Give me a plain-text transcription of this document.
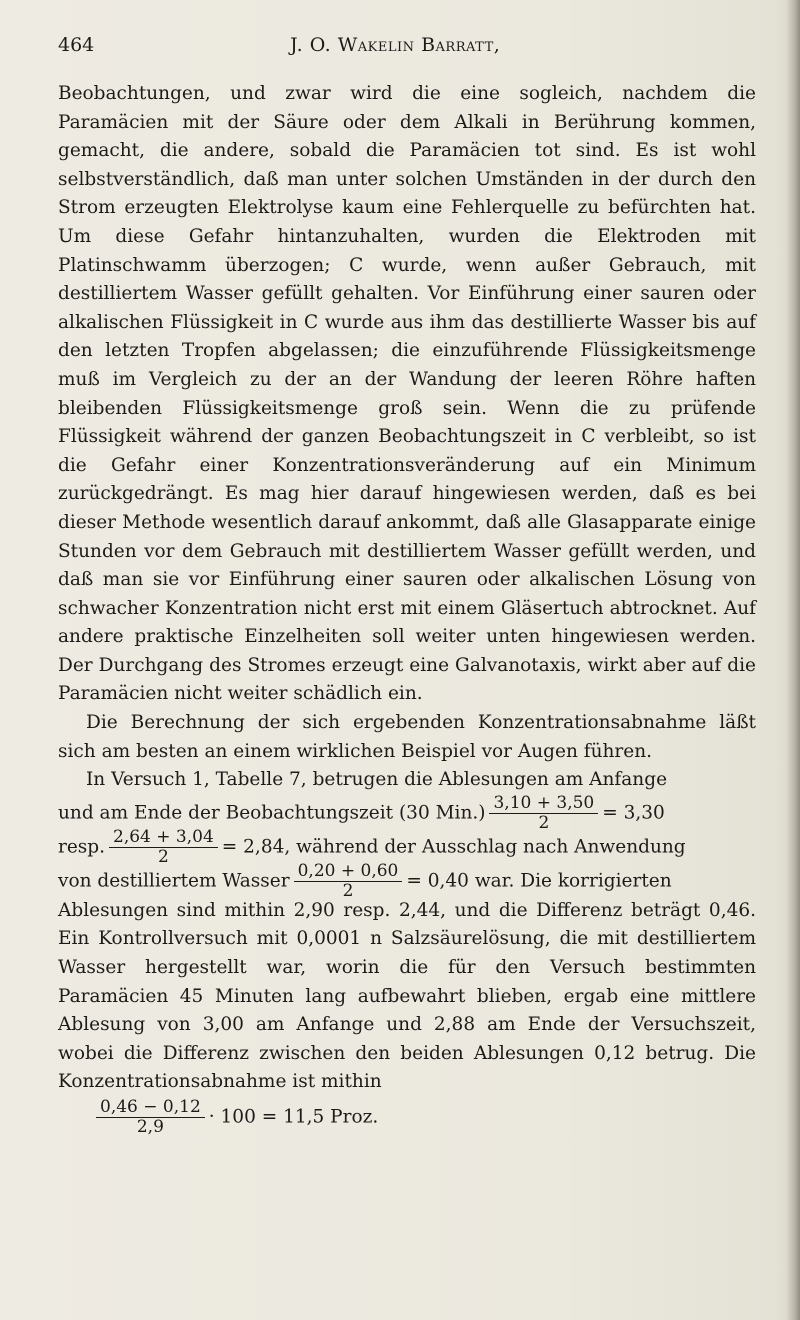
464	J. O. Wakelin Barratt,

Beobachtungen, und zwar wird die eine sogleich, nachdem die Paramäcien mit der Säure oder dem Alkali in Berührung kommen, gemacht, die andere, sobald die Paramäcien tot sind. Es ist wohl selbstverständlich, daß man unter solchen Umständen in der durch den Strom erzeugten Elektrolyse kaum eine Fehlerquelle zu befürchten hat. Um diese Gefahr hintanzuhalten, wurden die Elektroden mit Platinschwamm überzogen; C wurde, wenn außer Gebrauch, mit destilliertem Wasser gefüllt gehalten. Vor Einführung einer sauren oder alkalischen Flüssigkeit in C wurde aus ihm das destillierte Wasser bis auf den letzten Tropfen abgelassen; die einzuführende Flüssigkeitsmenge muß im Vergleich zu der an der Wandung der leeren Röhre haften bleibenden Flüssigkeitsmenge groß sein. Wenn die zu prüfende Flüssigkeit während der ganzen Beobachtungszeit in C verbleibt, so ist die Gefahr einer Konzentrationsveränderung auf ein Minimum zurückgedrängt. Es mag hier darauf hingewiesen werden, daß es bei dieser Methode wesentlich darauf ankommt, daß alle Glasapparate einige Stunden vor dem Gebrauch mit destilliertem Wasser gefüllt werden, und daß man sie vor Einführung einer sauren oder alkalischen Lösung von schwacher Konzentration nicht erst mit einem Gläsertuch abtrocknet. Auf andere praktische Einzelheiten soll weiter unten hingewiesen werden. Der Durchgang des Stromes erzeugt eine Galvanotaxis, wirkt aber auf die Paramäcien nicht weiter schädlich ein.

Die Berechnung der sich ergebenden Konzentrationsabnahme läßt sich am besten an einem wirklichen Beispiel vor Augen führen.

In Versuch 1, Tabelle 7, betrugen die Ablesungen am Anfange

und am Ende der Beobachtungszeit (30 $Min.) \frac{3,10 + 3,50}{2} = 3,30$
resp. $\frac{2,64 + 3,04}{2} = 2,84$, während der Ausschlag nach Anwendung
von destilliertem Wasser $\frac{0,20 + 0,60}{2} = 0,40$ war. Die korrigierten

Ablesungen sind mithin 2,90 resp. 2,44, und die Differenz beträgt 0,46. Ein Kontrollversuch mit 0,0001 n Salzsäurelösung, die mit destilliertem Wasser hergestellt war, worin die für den Versuch bestimmten Paramäcien 45 Minuten lang aufbewahrt blieben, ergab eine mittlere Ablesung von 3,00 am Anfange und 2,88 am Ende der Versuchszeit, wobei die Differenz zwischen den beiden Ablesungen 0,12 betrug. Die Konzentrationsabnahme ist mithin

$\frac{0,46 - 0,12}{2,9} \cdot 100 = 11,5$ Proz.
